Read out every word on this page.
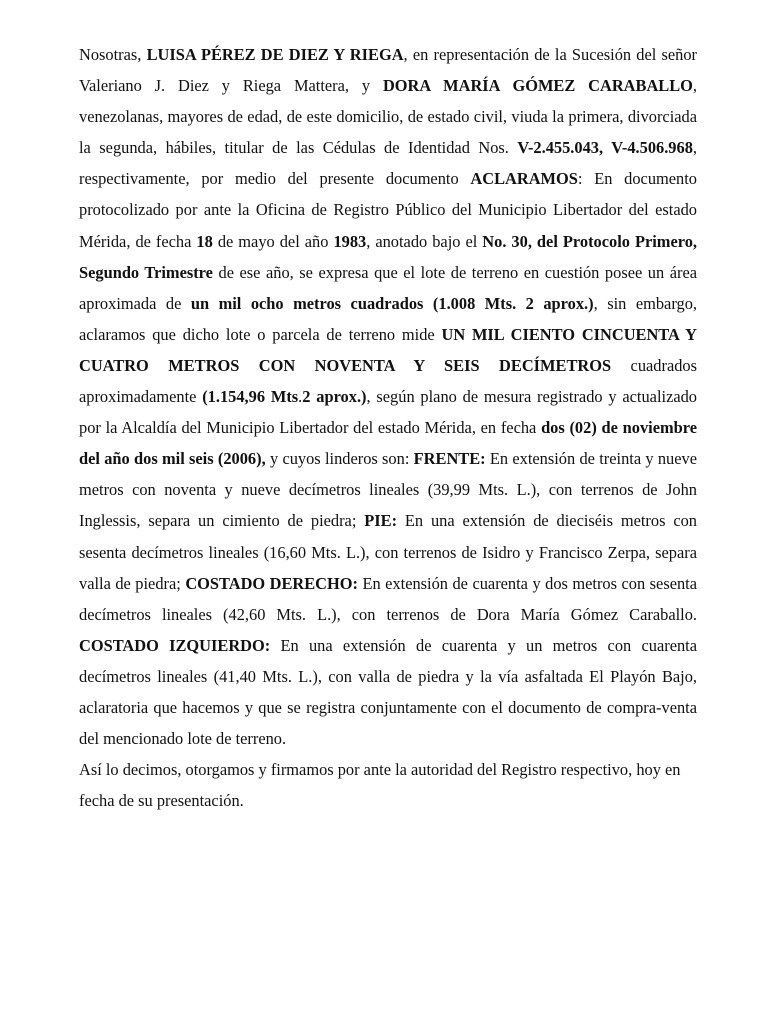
Nosotras, LUISA PÉREZ DE DIEZ Y RIEGA, en representación de la Sucesión del señor Valeriano J. Diez y Riega Mattera, y DORA MARÍA GÓMEZ CARABALLO, venezolanas, mayores de edad, de este domicilio, de estado civil, viuda la primera, divorciada la segunda, hábiles, titular de las Cédulas de Identidad Nos. V-2.455.043, V-4.506.968, respectivamente, por medio del presente documento ACLARAMOS: En documento protocolizado por ante la Oficina de Registro Público del Municipio Libertador del estado Mérida, de fecha 18 de mayo del año 1983, anotado bajo el No. 30, del Protocolo Primero, Segundo Trimestre de ese año, se expresa que el lote de terreno en cuestión posee un área aproximada de un mil ocho metros cuadrados (1.008 Mts. 2 aprox.), sin embargo, aclaramos que dicho lote o parcela de terreno mide UN MIL CIENTO CINCUENTA Y CUATRO METROS CON NOVENTA Y SEIS DECÍMETROS cuadrados aproximadamente (1.154,96 Mts.2 aprox.), según plano de mesura registrado y actualizado por la Alcaldía del Municipio Libertador del estado Mérida, en fecha dos (02) de noviembre del año dos mil seis (2006), y cuyos linderos son: FRENTE: En extensión de treinta y nueve metros con noventa y nueve decímetros lineales (39,99 Mts. L.), con terrenos de John Inglessis, separa un cimiento de piedra; PIE: En una extensión de dieciséis metros con sesenta decímetros lineales (16,60 Mts. L.), con terrenos de Isidro y Francisco Zerpa, separa valla de piedra; COSTADO DERECHO: En extensión de cuarenta y dos metros con sesenta decímetros lineales (42,60 Mts. L.), con terrenos de Dora María Gómez Caraballo. COSTADO IZQUIERDO: En una extensión de cuarenta y un metros con cuarenta decímetros lineales (41,40 Mts. L.), con valla de piedra y la vía asfaltada El Playón Bajo, aclaratoria que hacemos y que se registra conjuntamente con el documento de compra-venta del mencionado lote de terreno.

Así lo decimos, otorgamos y firmamos por ante la autoridad del Registro respectivo, hoy en fecha de su presentación.
